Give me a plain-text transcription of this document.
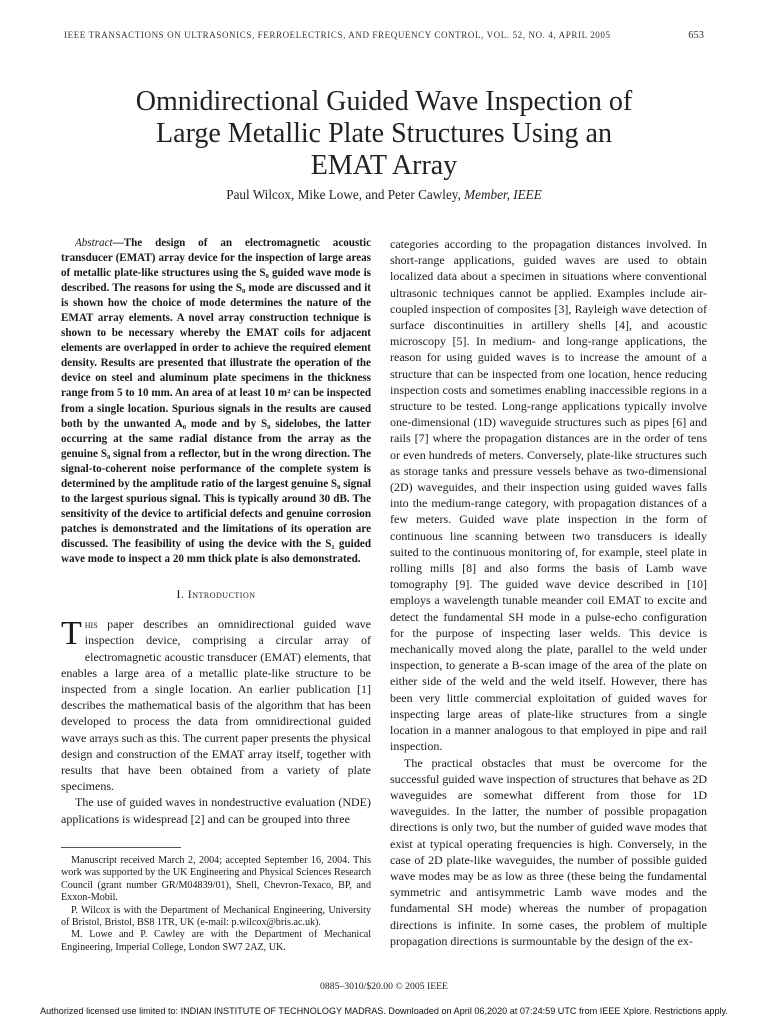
IEEE TRANSACTIONS ON ULTRASONICS, FERROELECTRICS, AND FREQUENCY CONTROL, VOL. 52, NO. 4, APRIL 2005	653
Omnidirectional Guided Wave Inspection of
Large Metallic Plate Structures Using an
EMAT Array
Paul Wilcox, Mike Lowe, and Peter Cawley, Member, IEEE

Abstract—The design of an electromagnetic acoustic transducer (EMAT) array device for the inspection of large areas of metallic plate-like structures using the S₀ guided wave mode is described. The reasons for using the S₀ mode are discussed and it is shown how the choice of mode determines the nature of the EMAT array elements. A novel array construction technique is shown to be necessary whereby the EMAT coils for adjacent elements are overlapped in order to achieve the required element density. Results are presented that illustrate the operation of the device on steel and aluminum plate specimens in the thickness range from 5 to 10 mm. An area of at least 10 m² can be inspected from a single location. Spurious signals in the results are caused both by the unwanted A₀ mode and by S₀ sidelobes, the latter occurring at the same radial distance from the array as the genuine S₀ signal from a reflector, but in the wrong direction. The signal-to-coherent noise performance of the complete system is determined by the amplitude ratio of the largest genuine S₀ signal to the largest spurious signal. This is typically around 30 dB. The sensitivity of the device to artificial defects and genuine corrosion patches is demonstrated and the limitations of its operation are discussed. The feasibility of using the device with the S₁ guided wave mode to inspect a 20 mm thick plate is also demonstrated.

I. Introduction

This paper describes an omnidirectional guided wave inspection device, comprising a circular array of electromagnetic acoustic transducer (EMAT) elements, that enables a large area of a metallic plate-like structure to be inspected from a single location. An earlier publication [1] describes the mathematical basis of the algorithm that has been developed to process the data from omnidirectional guided wave arrays such as this. The current paper presents the physical design and construction of the EMAT array itself, together with results that have been obtained from a variety of plate specimens.

The use of guided waves in nondestructive evaluation (NDE) applications is widespread [2] and can be grouped into three

Manuscript received March 2, 2004; accepted September 16, 2004. This work was supported by the UK Engineering and Physical Sciences Research Council (grant number GR/M04839/01), Shell, Chevron-Texaco, BP, and Exxon-Mobil.

P. Wilcox is with the Department of Mechanical Engineering, University of Bristol, Bristol, BS8 1TR, UK (e-mail: p.wilcox@bris.ac.uk).

M. Lowe and P. Cawley are with the Department of Mechanical Engineering, Imperial College, London SW7 2AZ, UK.

categories according to the propagation distances involved. In short-range applications, guided waves are used to obtain localized data about a specimen in situations where conventional ultrasonic techniques cannot be applied. Examples include air-coupled inspection of composites [3], Rayleigh wave detection of surface discontinuities in artillery shells [4], and acoustic microscopy [5]. In medium- and long-range applications, the reason for using guided waves is to increase the amount of a structure that can be inspected from one location, hence reducing inspection costs and sometimes enabling inaccessible regions in a structure to be tested. Long-range applications typically involve one-dimensional (1D) waveguide structures such as pipes [6] and rails [7] where the propagation distances are in the order of tens or even hundreds of meters. Conversely, plate-like structures such as storage tanks and pressure vessels behave as two-dimensional (2D) waveguides, and their inspection using guided waves falls into the medium-range category, with propagation distances of a few meters. Guided wave plate inspection in the form of continuous line scanning between two transducers is ideally suited to the continuous monitoring of, for example, steel plate in rolling mills [8] and also forms the basis of Lamb wave tomography [9]. The guided wave device described in [10] employs a wavelength tunable meander coil EMAT to excite and detect the fundamental SH mode in a pulse-echo configuration for the purpose of inspecting laser welds. This device is mechanically moved along the plate, parallel to the weld under inspection, to generate a B-scan image of the area of the plate on either side of the weld and the weld itself. However, there has been very little commercial exploitation of guided waves for inspecting large areas of plate-like structures from a single location in a manner analogous to that employed in pipe and rail inspection.

The practical obstacles that must be overcome for the successful guided wave inspection of structures that behave as 2D waveguides are somewhat different from those for 1D waveguides. In the latter, the number of possible propagation directions is only two, but the number of guided wave modes that exist at typical operating frequencies is high. Conversely, in the case of 2D plate-like waveguides, the number of possible guided wave modes may be as low as three (these being the fundamental symmetric and antisymmetric Lamb wave modes and the fundamental SH mode) whereas the number of propagation directions is infinite. In some cases, the problem of multiple propagation directions is surmountable by the design of the ex-

0885–3010/$20.00 © 2005 IEEE
Authorized licensed use limited to: INDIAN INSTITUTE OF TECHNOLOGY MADRAS. Downloaded on April 06,2020 at 07:24:59 UTC from IEEE Xplore. Restrictions apply.
